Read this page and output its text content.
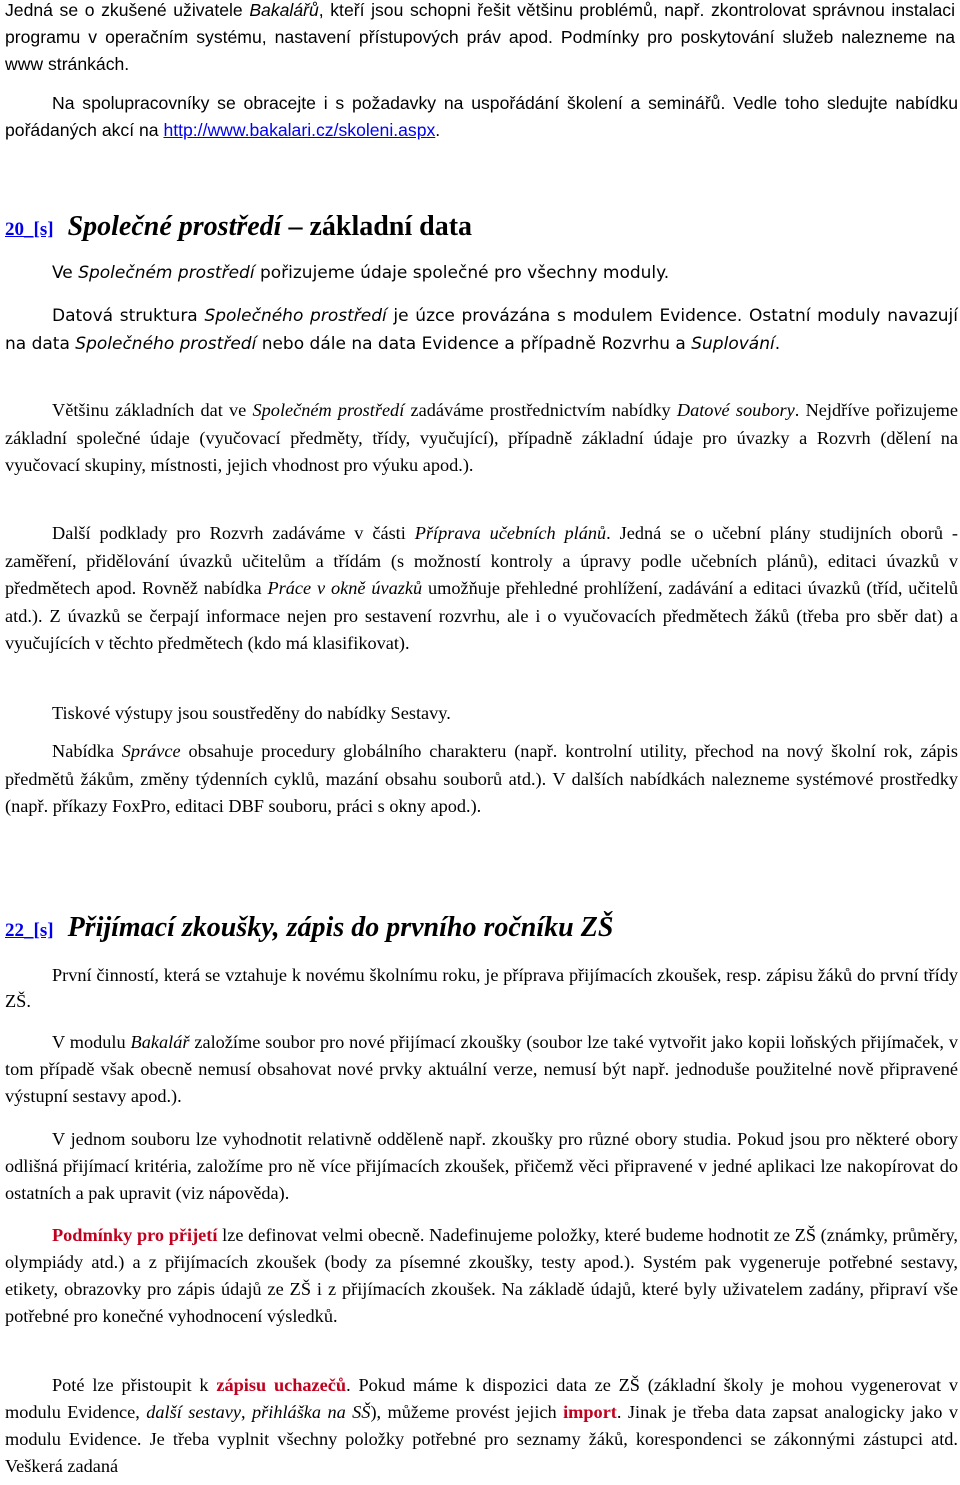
Jedná se o zkušené uživatele Bakalářů, kteří jsou schopni řešit většinu problémů, např. zkontrolovat správnou instalaci programu v operačním systému, nastavení přístupových práv apod. Podmínky pro poskytování služeb nalezneme na www stránkách.

Na spolupracovníky se obracejte i s požadavky na uspořádání školení a seminářů. Vedle toho sledujte nabídku pořádaných akcí na http://www.bakalari.cz/skoleni.aspx.

20_[s] Společné prostředí – základní data

Ve Společném prostředí pořizujeme údaje společné pro všechny moduly.

Datová struktura Společného prostředí je úzce provázána s modulem Evidence. Ostatní moduly navazují na data Společného prostředí nebo dále na data Evidence a případně Rozvrhu a Suplování.

Většinu základních dat ve Společném prostředí zadáváme prostřednictvím nabídky Datové soubory. Nejdříve pořizujeme základní společné údaje (vyučovací předměty, třídy, vyučující), případně základní údaje pro úvazky a Rozvrh (dělení na vyučovací skupiny, místnosti, jejich vhodnost pro výuku apod.).

Další podklady pro Rozvrh zadáváme v části Příprava učebních plánů. Jedná se o učební plány studijních oborů - zaměření, přidělování úvazků učitelům a třídám (s možností kontroly a úpravy podle učebních plánů), editaci úvazků v předmětech apod. Rovněž nabídka Práce v okně úvazků umožňuje přehledné prohlížení, zadávání a editaci úvazků (tříd, učitelů atd.). Z úvazků se čerpají informace nejen pro sestavení rozvrhu, ale i o vyučovacích předmětech žáků (třeba pro sběr dat) a vyučujících v těchto předmětech (kdo má klasifikovat).

Tiskové výstupy jsou soustředěny do nabídky Sestavy.

Nabídka Správce obsahuje procedury globálního charakteru (např. kontrolní utility, přechod na nový školní rok, zápis předmětů žákům, změny týdenních cyklů, mazání obsahu souborů atd.). V dalších nabídkách nalezneme systémové prostředky (např. příkazy FoxPro, editaci DBF souboru, práci s okny apod.).

22_[s] Přijímací zkoušky, zápis do prvního ročníku ZŠ

První činností, která se vztahuje k novému školnímu roku, je příprava přijímacích zkoušek, resp. zápisu žáků do první třídy ZŠ.

V modulu Bakalář založíme soubor pro nové přijímací zkoušky (soubor lze také vytvořit jako kopii loňských přijímaček, v tom případě však obecně nemusí obsahovat nové prvky aktuální verze, nemusí být např. jednoduše použitelné nově připravené výstupní sestavy apod.).

V jednom souboru lze vyhodnotit relativně odděleně např. zkoušky pro různé obory studia. Pokud jsou pro některé obory odlišná přijímací kritéria, založíme pro ně více přijímacích zkoušek, přičemž věci připravené v jedné aplikaci lze nakopírovat do ostatních a pak upravit (viz nápověda).

Podmínky pro přijetí lze definovat velmi obecně. Nadefinujeme položky, které budeme hodnotit ze ZŠ (známky, průměry, olympiády atd.) a z přijímacích zkoušek (body za písemné zkoušky, testy apod.). Systém pak vygeneruje potřebné sestavy, etikety, obrazovky pro zápis údajů ze ZŠ i z přijímacích zkoušek. Na základě údajů, které byly uživatelem zadány, připraví vše potřebné pro konečné vyhodnocení výsledků.

Poté lze přistoupit k zápisu uchazečů. Pokud máme k dispozici data ze ZŠ (základní školy je mohou vygenerovat v modulu Evidence, další sestavy, přihláška na SŠ), můžeme provést jejich import. Jinak je třeba data zapsat analogicky jako v modulu Evidence. Je třeba vyplnit všechny položky potřebné pro seznamy žáků, korespondenci se zákonnými zástupci atd. Veškerá zadaná
